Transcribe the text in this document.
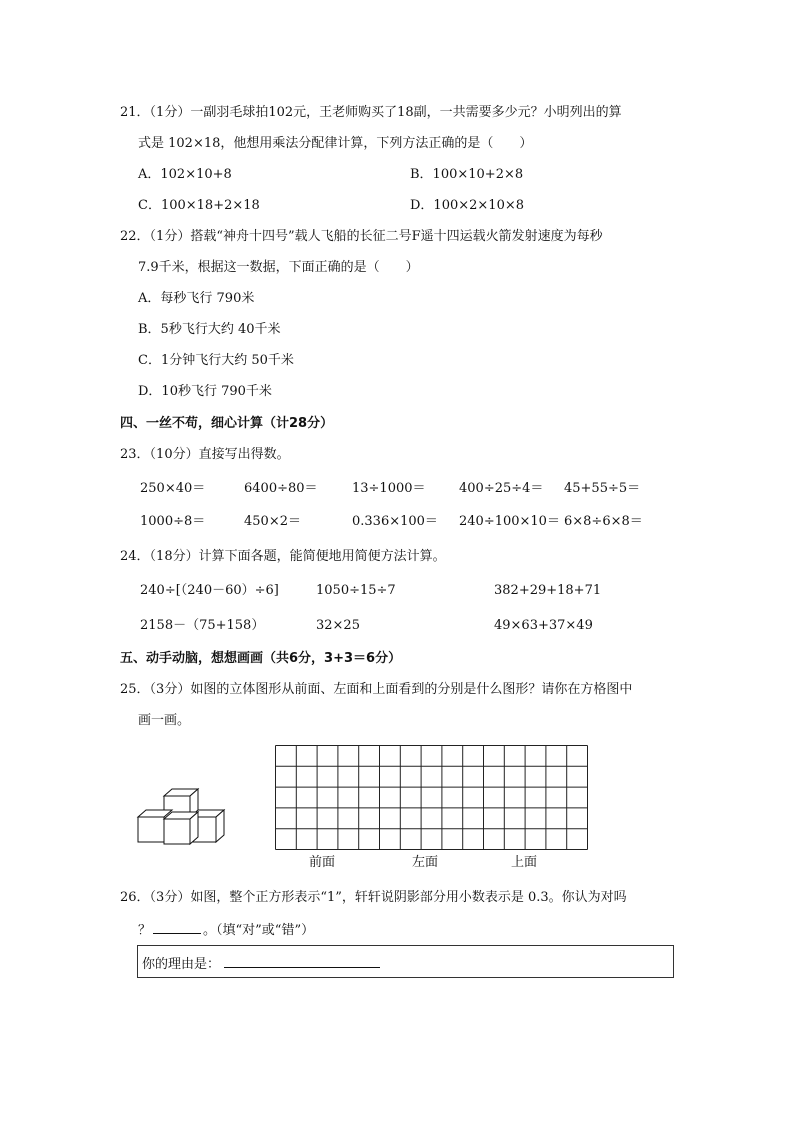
21．（1分）一副羽毛球拍102元，王老师购买了18副，一共需要多少元？小明列出的算
式是 102×18，他想用乘法分配律计算，下列方法正确的是（　　）
A．102×10+8	B．100×10+2×8
C．100×18+2×18	D．100×2×10×8
22．（1分）搭载“神舟十四号”载人飞船的长征二号F遥十四运载火箭发射速度为每秒
7.9千米，根据这一数据，下面正确的是（　　）
A．每秒飞行 790米
B．5秒飞行大约 40千米
C．1分钟飞行大约 50千米
D．10秒飞行 790千米
四、一丝不苟，细心计算（计28分）
23．（10分）直接写出得数。
250×40＝	6400÷80＝	13÷1000＝	400÷25÷4＝ 45+55÷5＝
1000÷8＝	450×2＝	0.336×100＝ 240÷100×10＝ 6×8÷6×8＝
24．（18分）计算下面各题，能简便地用简便方法计算。
240÷[（240－60）÷6]	1050÷15÷7	382+29+18+71
2158－（75+158）	32×25	49×63+37×49
五、动手动脑，想想画画（共6分，3+3＝6分）
25．（3分）如图的立体图形从前面、左面和上面看到的分别是什么图形？请你在方格图中
画一画。
前面	左面	上面
26．（3分）如图，整个正方形表示“1”，轩轩说阴影部分用小数表示是 0.3。你认为对吗
？	。（填“对”或“错”）
你的理由是：
